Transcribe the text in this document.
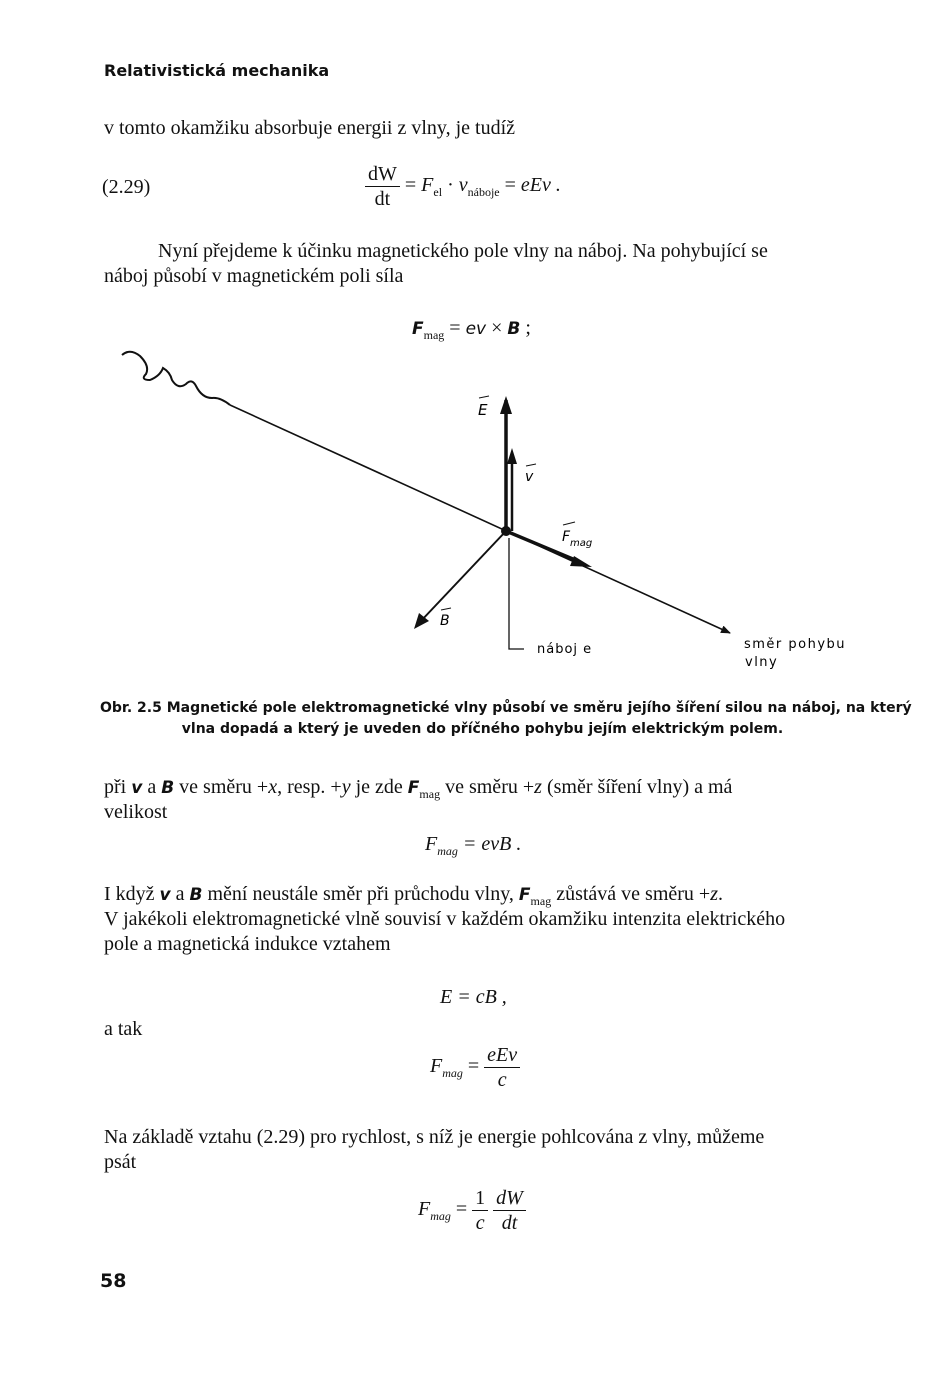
Relativistická mechanika
v tomto okamžiku absorbuje energii z vlny, je tudíž
(2.29)	$\frac{dW}{dt} = F_{el} \cdot v_{náboje}$ = eEv .
Nyní přejdeme k účinku magnetického pole vlny na náboj. Na pohybující se
náboj působí v magnetickém poli síla
$F_{mag}$ = ev × B ;
E
v
F mag
B
náboj e	směr pohybu
vlny
Obr. 2.5 Magnetické pole elektromagnetické vlny působí ve směru jejího šíření silou na náboj, na který
vlna dopadá a který je uveden do příčného pohybu jejím elektrickým polem.
při v a B ve směru +x, resp. +y je zde $F_{mag}$ ve směru +z (směr šíření vlny) a má
velikost
$F_{mag}$ = evB .
I když v a B mění neustále směr při průchodu vlny, $F_{mag}$ zůstává ve směru +z.
V jakékoli elektromagnetické vlně souvisí v každém okamžiku intenzita elektrického
pole a magnetická indukce vztahem
E = cB ,
a tak
$F_{mag} = \frac{\text{eEv}}{c}$
Na základě vztahu (2.29) pro rychlost, s níž je energie pohlcována z vlny, můžeme
psát
$F_{mag} = \frac{1}{c}$
$\frac{dW}{dt}$
58
